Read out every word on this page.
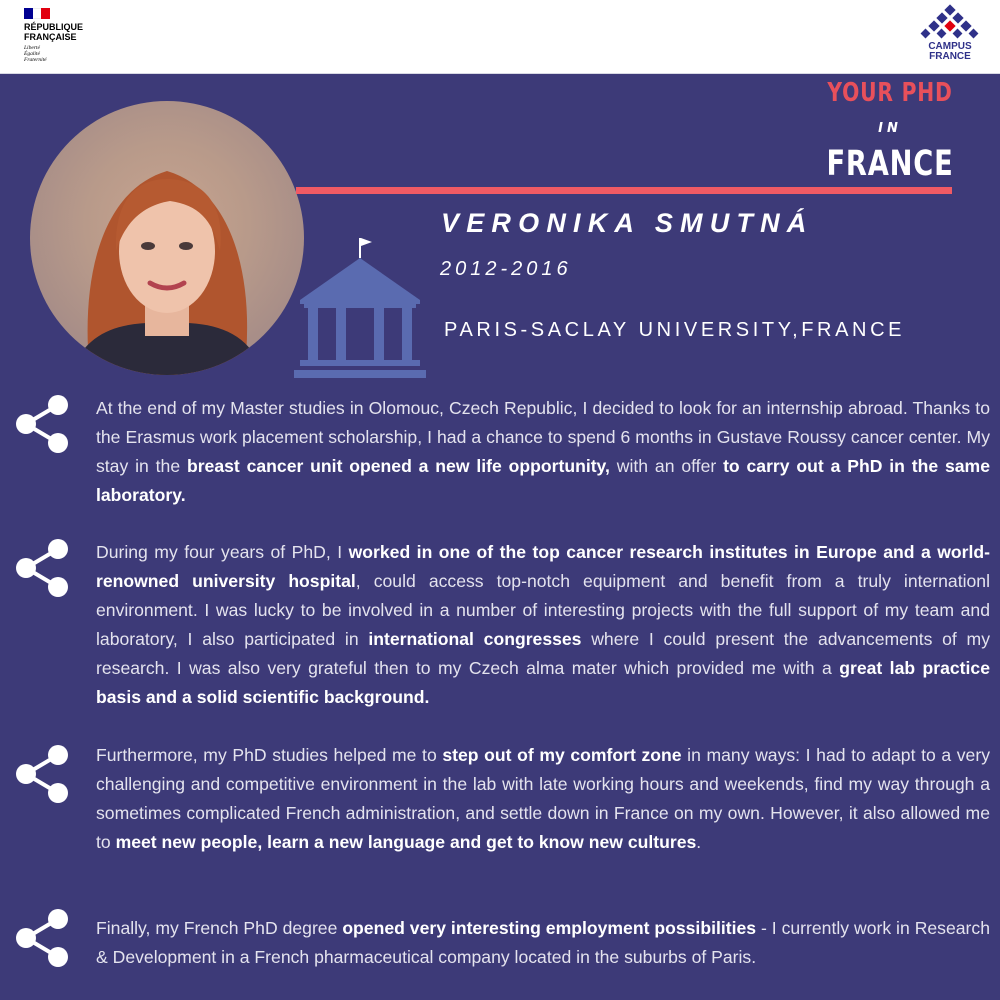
RÉPUBLIQUE
FRANÇAISE
Liberté
Égalité
Fraternité
CAMPUS
FRANCE
YOUR PHD
IN
FRANCE
VERONIKA SMUTNÁ
2012-2016
PARIS-SACLAY UNIVERSITY,FRANCE

At the end of my Master studies in Olomouc, Czech Republic, I decided to look for an internship abroad. Thanks to the Erasmus work placement scholarship, I had a chance to spend 6 months in Gustave Roussy cancer center. My stay in the breast cancer unit opened a new life opportunity, with an offer to carry out a PhD in the same laboratory.

During my four years of PhD, I worked in one of the top cancer research institutes in Europe and a world-renowned university hospital, could access top-notch equipment and benefit from a truly internationl environment. I was lucky to be involved in a number of interesting projects with the full support of my team and laboratory, I also participated in international congresses where I could present the advancements of my research. I was also very grateful then to my Czech alma mater which provided me with a great lab practice basis and a solid scientific background.

Furthermore, my PhD studies helped me to step out of my comfort zone in many ways: I had to adapt to a very challenging and competitive environment in the lab with late working hours and weekends, find my way through a sometimes complicated French administration, and settle down in France on my own. However, it also allowed me to meet new people, learn a new language and get to know new cultures.

Finally, my French PhD degree opened very interesting employment possibilities - I currently work in Research & Development in a French pharmaceutical company located in the suburbs of Paris.
